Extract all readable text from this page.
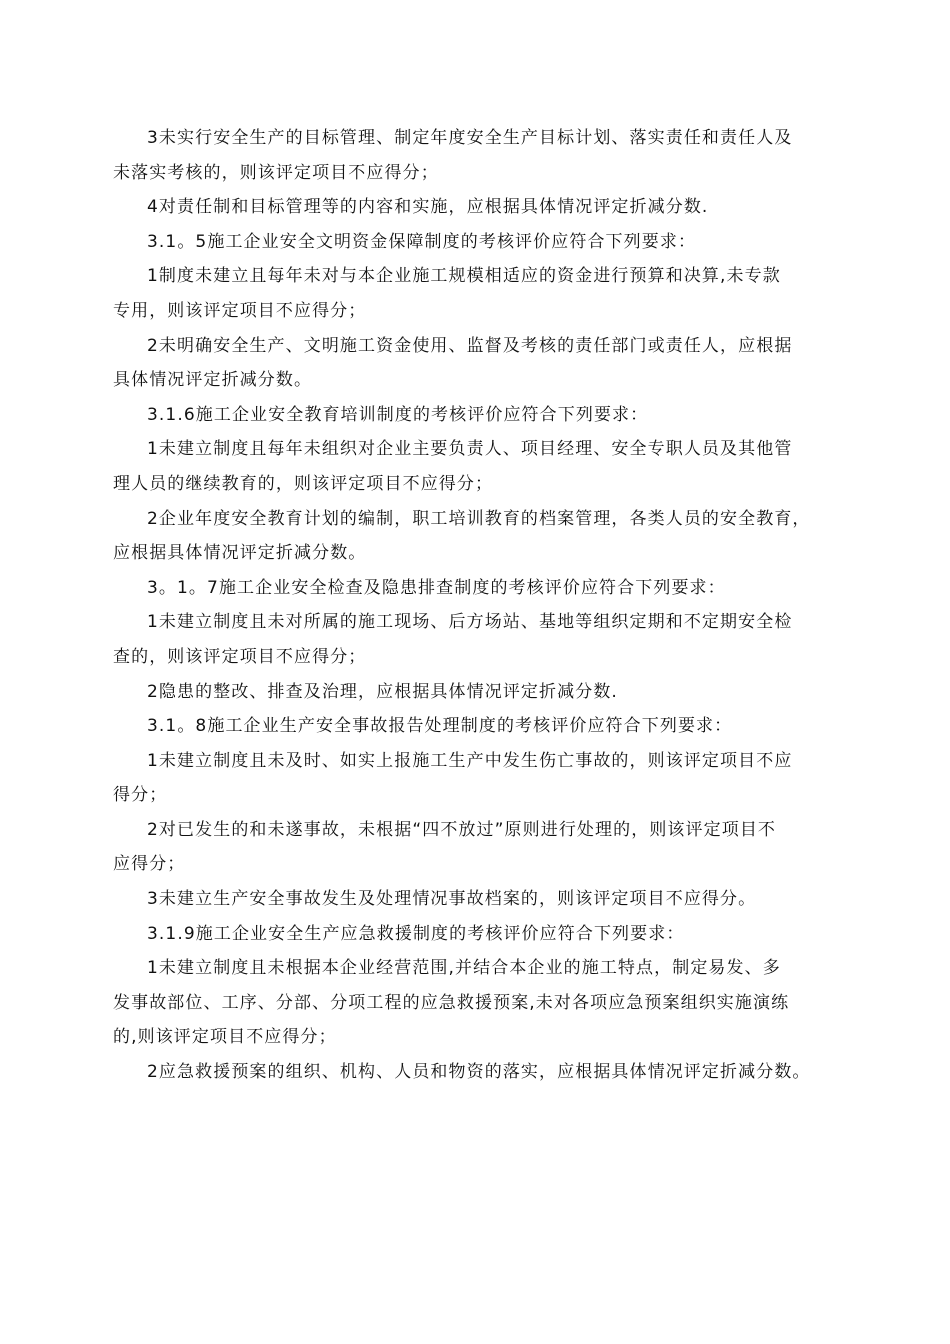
3未实行安全生产的目标管理、制定年度安全生产目标计划、落实责任和责任人及
未落实考核的，则该评定项目不应得分；
4对责任制和目标管理等的内容和实施，应根据具体情况评定折减分数.
3.1。5施工企业安全文明资金保障制度的考核评价应符合下列要求：
1制度未建立且每年未对与本企业施工规模相适应的资金进行预算和决算,未专款
专用，则该评定项目不应得分；
2未明确安全生产、文明施工资金使用、监督及考核的责任部门或责任人，应根据
具体情况评定折减分数。
3.1.6施工企业安全教育培训制度的考核评价应符合下列要求：
1未建立制度且每年未组织对企业主要负责人、项目经理、安全专职人员及其他管
理人员的继续教育的，则该评定项目不应得分；
2企业年度安全教育计划的编制，职工培训教育的档案管理，各类人员的安全教育，
应根据具体情况评定折减分数。
3。1。7施工企业安全检查及隐患排查制度的考核评价应符合下列要求：
1未建立制度且未对所属的施工现场、后方场站、基地等组织定期和不定期安全检
查的，则该评定项目不应得分；
2隐患的整改、排查及治理，应根据具体情况评定折减分数.
3.1。8施工企业生产安全事故报告处理制度的考核评价应符合下列要求：
1未建立制度且未及时、如实上报施工生产中发生伤亡事故的，则该评定项目不应
得分；
2对已发生的和未遂事故，未根据“四不放过”原则进行处理的，则该评定项目不
应得分；
3未建立生产安全事故发生及处理情况事故档案的，则该评定项目不应得分。
3.1.9施工企业安全生产应急救援制度的考核评价应符合下列要求：
1未建立制度且未根据本企业经营范围,并结合本企业的施工特点，制定易发、多
发事故部位、工序、分部、分项工程的应急救援预案,未对各项应急预案组织实施演练
的,则该评定项目不应得分；
2应急救援预案的组织、机构、人员和物资的落实，应根据具体情况评定折减分数。
